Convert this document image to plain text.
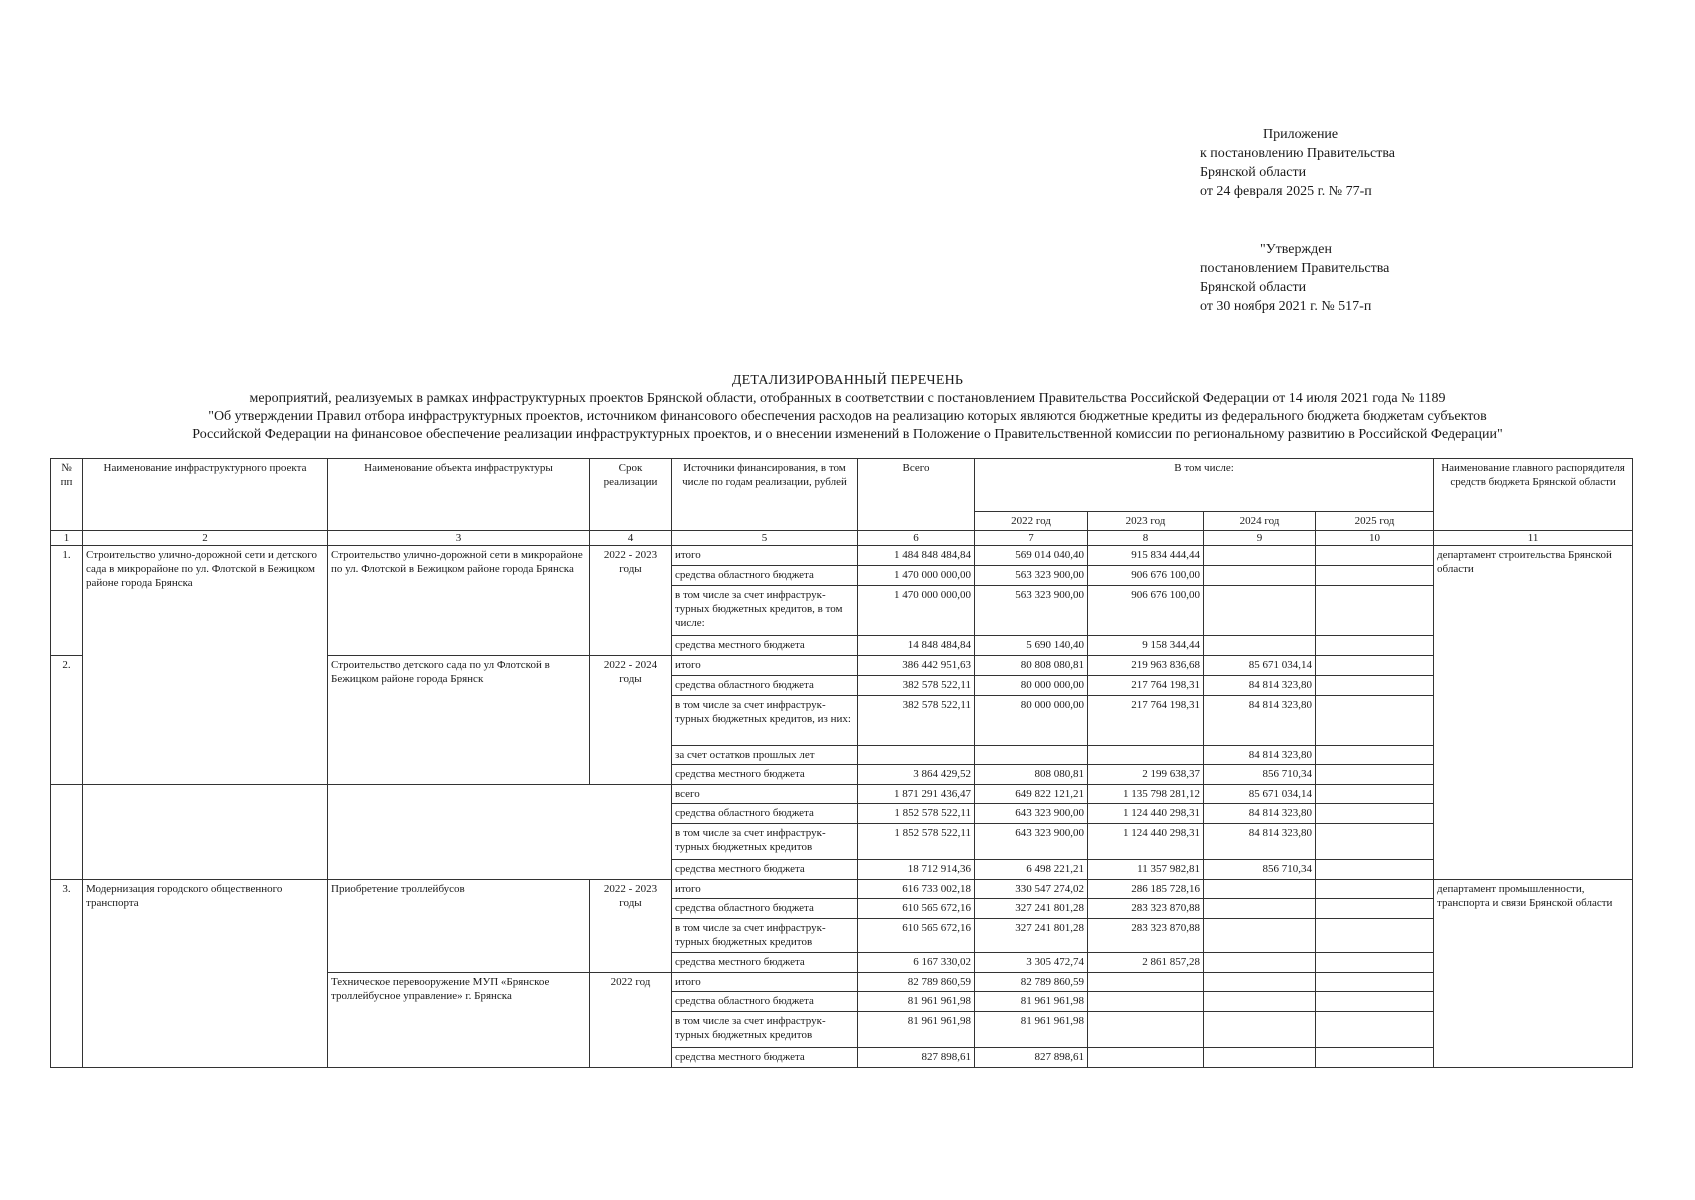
Приложение
к постановлению Правительства
Брянской области
от 24 февраля 2025 г. № 77-п
"Утвержден
постановлением Правительства
Брянской области
от 30 ноября 2021 г. № 517-п
ДЕТАЛИЗИРОВАННЫЙ ПЕРЕЧЕНЬ
мероприятий, реализуемых в рамках инфраструктурных проектов Брянской области, отобранных в соответствии с постановлением Правительства Российской Федерации от 14 июля 2021 года № 1189
"Об утверждении Правил отбора инфраструктурных проектов, источником финансового обеспечения расходов на реализацию которых являются бюджетные кредиты из федерального бюджета бюджетам субъектов
Российской Федерации на финансовое обеспечение реализации инфраструктурных проектов, и о внесении изменений в Положение о Правительственной комиссии по региональному развитию в Российской Федерации"
№ пп	Наименование инфраструктурного проекта	Наименование объекта инфраструктуры	Срок реализации	Источники финансирования, в том числе по годам реализации, рублей	Всего	В том числе:				Наименование главного распорядителя средств бюджета Брянской области
						2022 год	2023 год	2024 год	2025 год	
1	2	3	4	5	6	7	8	9	10	11
1.	Строительство улично-дорожной сети и детского сада в микрорайоне по ул. Флотской в Бежицком районе города Брянска	Строительство улично-дорожной сети в микрорайоне по ул. Флотской в Бежицком районе города Брянска	2022 - 2023 годы	итого	1 484 848 484,84	569 014 040,40	915 834 444,44			департамент строительства Брянской области
				средства областного бюджета	1 470 000 000,00	563 323 900,00	906 676 100,00			
				в том числе за счет инфраструк-турных бюджетных кредитов, в том числе:	1 470 000 000,00	563 323 900,00	906 676 100,00			
				средства местного бюджета	14 848 484,84	5 690 140,40	9 158 344,44			
2.		Строительство детского сада по ул Флотской в Бежицком районе города Брянск	2022 - 2024 годы	итого	386 442 951,63	80 808 080,81	219 963 836,68	85 671 034,14		
				средства областного бюджета	382 578 522,11	80 000 000,00	217 764 198,31	84 814 323,80		
				в том числе за счет инфраструк-турных бюджетных кредитов, из них:	382 578 522,11	80 000 000,00	217 764 198,31	84 814 323,80		
				за счет остатков прошлых лет				84 814 323,80		
				средства местного бюджета	3 864 429,52	808 080,81	2 199 638,37	856 710,34		
				всего	1 871 291 436,47	649 822 121,21	1 135 798 281,12	85 671 034,14		
				средства областного бюджета	1 852 578 522,11	643 323 900,00	1 124 440 298,31	84 814 323,80		
				в том числе за счет инфраструк-турных бюджетных кредитов	1 852 578 522,11	643 323 900,00	1 124 440 298,31	84 814 323,80		
				средства местного бюджета	18 712 914,36	6 498 221,21	11 357 982,81	856 710,34		
3.	Модернизация городского общественного транспорта	Приобретение троллейбусов	2022 - 2023 годы	итого	616 733 002,18	330 547 274,02	286 185 728,16			департамент промышленности, транспорта и связи Брянской области
				средства областного бюджета	610 565 672,16	327 241 801,28	283 323 870,88			
				в том числе за счет инфраструк-турных бюджетных кредитов	610 565 672,16	327 241 801,28	283 323 870,88			
				средства местного бюджета	6 167 330,02	3 305 472,74	2 861 857,28			
		Техническое перевооружение МУП «Брянское троллейбусное управление» г. Брянска	2022 год	итого	82 789 860,59	82 789 860,59				
				средства областного бюджета	81 961 961,98	81 961 961,98				
				в том числе за счет инфраструк-турных бюджетных кредитов	81 961 961,98	81 961 961,98				
				средства местного бюджета	827 898,61	827 898,61				
